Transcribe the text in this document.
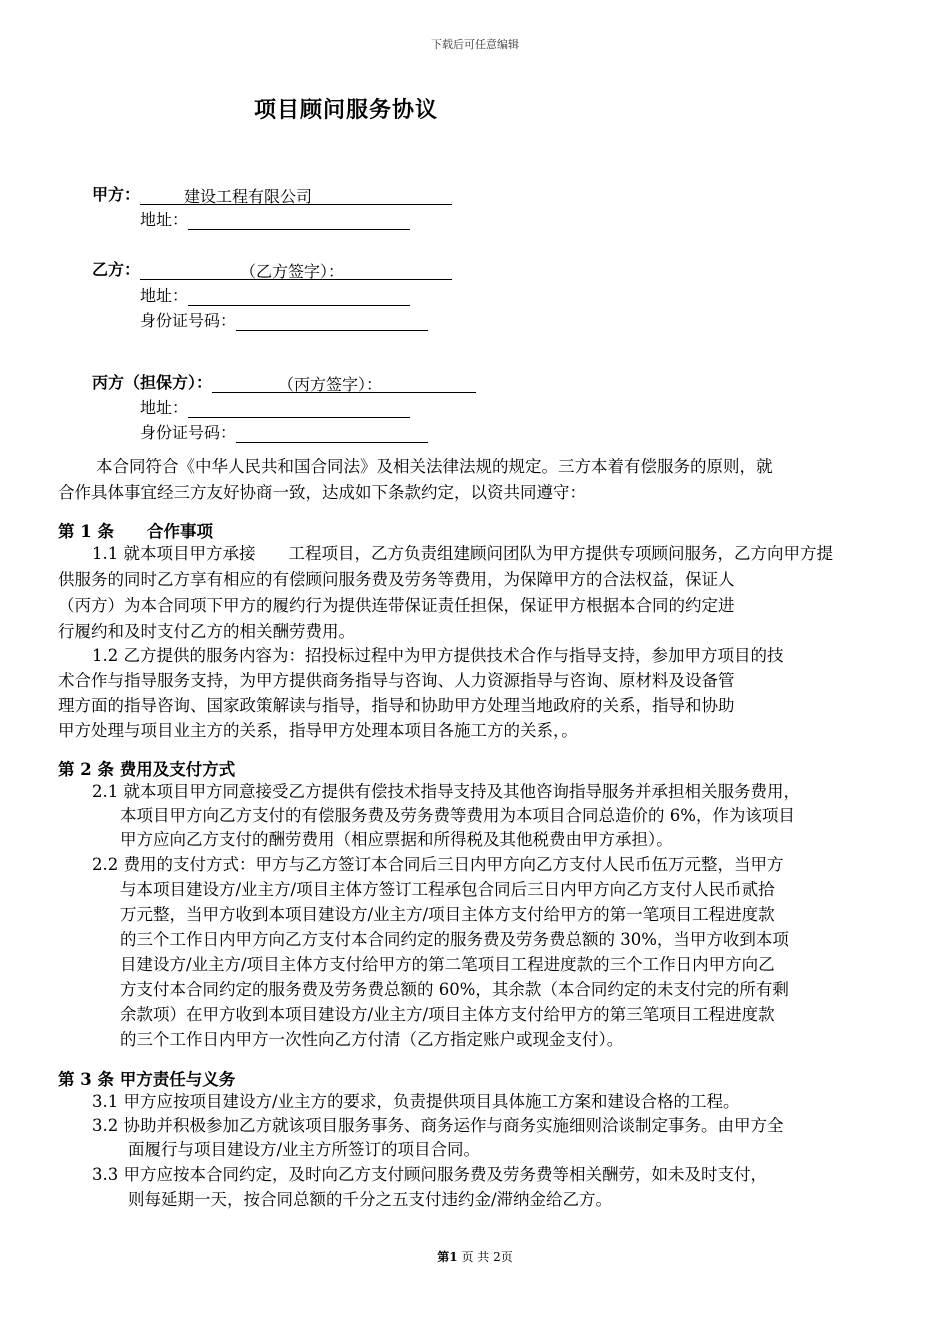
下载后可任意编辑
项目顾问服务协议
甲方：	建设工程有限公司
地址：
乙方：	（乙方签字）：
地址：
身份证号码：
丙方（担保方）：	（丙方签字）：
地址：
身份证号码：
本合同符合《中华人民共和国合同法》及相关法律法规的规定。三方本着有偿服务的原则，就
合作具体事宜经三方友好协商一致，达成如下条款约定，以资共同遵守：
第 1 条　　合作事项
1.1 就本项目甲方承接　　工程项目，乙方负责组建顾问团队为甲方提供专项顾问服务，乙方向甲方提
供服务的同时乙方享有相应的有偿顾问服务费及劳务等费用，为保障甲方的合法权益，保证人
（丙方）为本合同项下甲方的履约行为提供连带保证责任担保，保证甲方根据本合同的约定进
行履约和及时支付乙方的相关酬劳费用。
1.2 乙方提供的服务内容为：招投标过程中为甲方提供技术合作与指导支持，参加甲方项目的技
术合作与指导服务支持，为甲方提供商务指导与咨询、人力资源指导与咨询、原材料及设备管
理方面的指导咨询、国家政策解读与指导，指导和协助甲方处理当地政府的关系，指导和协助
甲方处理与项目业主方的关系，指导甲方处理本项目各施工方的关系，。
第 2 条 费用及支付方式
2.1 就本项目甲方同意接受乙方提供有偿技术指导支持及其他咨询指导服务并承担相关服务费用，
本项目甲方向乙方支付的有偿服务费及劳务费等费用为本项目合同总造价的 6%，作为该项目
甲方应向乙方支付的酬劳费用（相应票据和所得税及其他税费由甲方承担）。
2.2 费用的支付方式：甲方与乙方签订本合同后三日内甲方向乙方支付人民币伍万元整，当甲方
与本项目建设方/业主方/项目主体方签订工程承包合同后三日内甲方向乙方支付人民币贰拾
万元整，当甲方收到本项目建设方/业主方/项目主体方支付给甲方的第一笔项目工程进度款
的三个工作日内甲方向乙方支付本合同约定的服务费及劳务费总额的 30%，当甲方收到本项
目建设方/业主方/项目主体方支付给甲方的第二笔项目工程进度款的三个工作日内甲方向乙
方支付本合同约定的服务费及劳务费总额的 60%，其余款（本合同约定的未支付完的所有剩
余款项）在甲方收到本项目建设方/业主方/项目主体方支付给甲方的第三笔项目工程进度款
的三个工作日内甲方一次性向乙方付清（乙方指定账户或现金支付）。
第 3 条 甲方责任与义务
3.1 甲方应按项目建设方/业主方的要求，负责提供项目具体施工方案和建设合格的工程。
3.2 协助并积极参加乙方就该项目服务事务、商务运作与商务实施细则洽谈制定事务。由甲方全
面履行与项目建设方/业主方所签订的项目合同。
3.3 甲方应按本合同约定，及时向乙方支付顾问服务费及劳务费等相关酬劳，如未及时支付，
则每延期一天，按合同总额的千分之五支付违约金/滞纳金给乙方。
第1 页 共 2页
